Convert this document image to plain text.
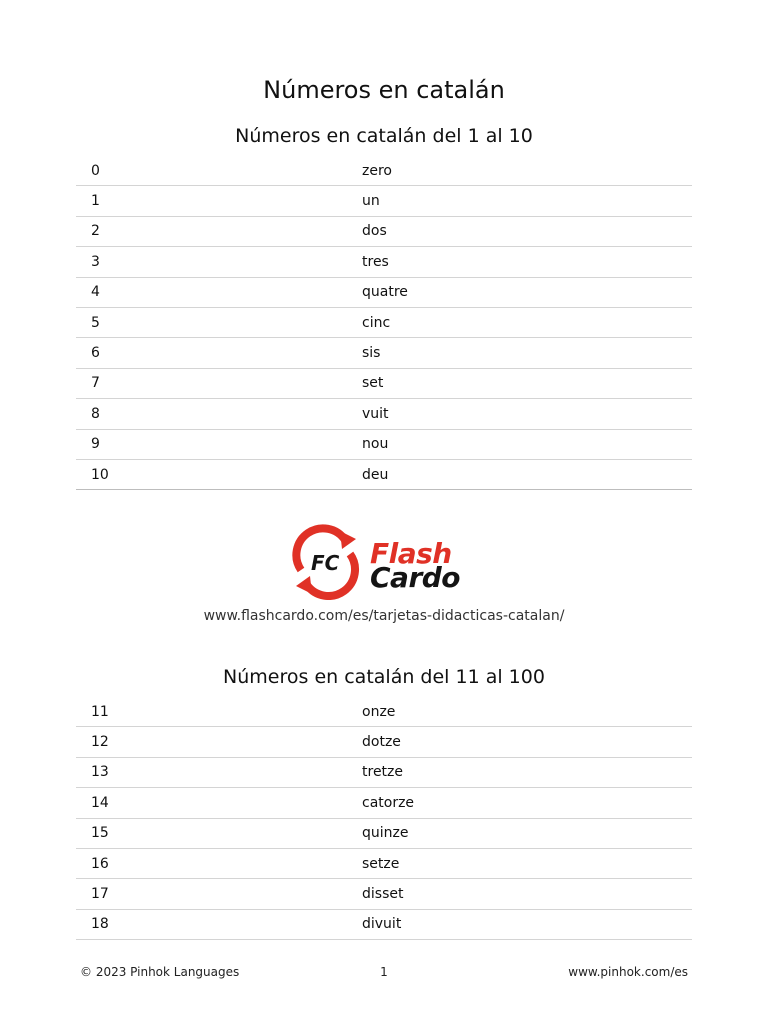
Números en catalán
Números en catalán del 1 al 10
0	zero
1	un
2	dos
3	tres
4	quatre
5	cinc
6	sis
7	set
8	vuit
9	nou
10	deu
FC Flash
Cardo
www.flashcardo.com/es/tarjetas-didacticas-catalan/
Números en catalán del 11 al 100
11	onze
12	dotze
13	tretze
14	catorze
15	quinze
16	setze
17	disset
18	divuit
© 2023 Pinhok Languages	1	www.pinhok.com/es
